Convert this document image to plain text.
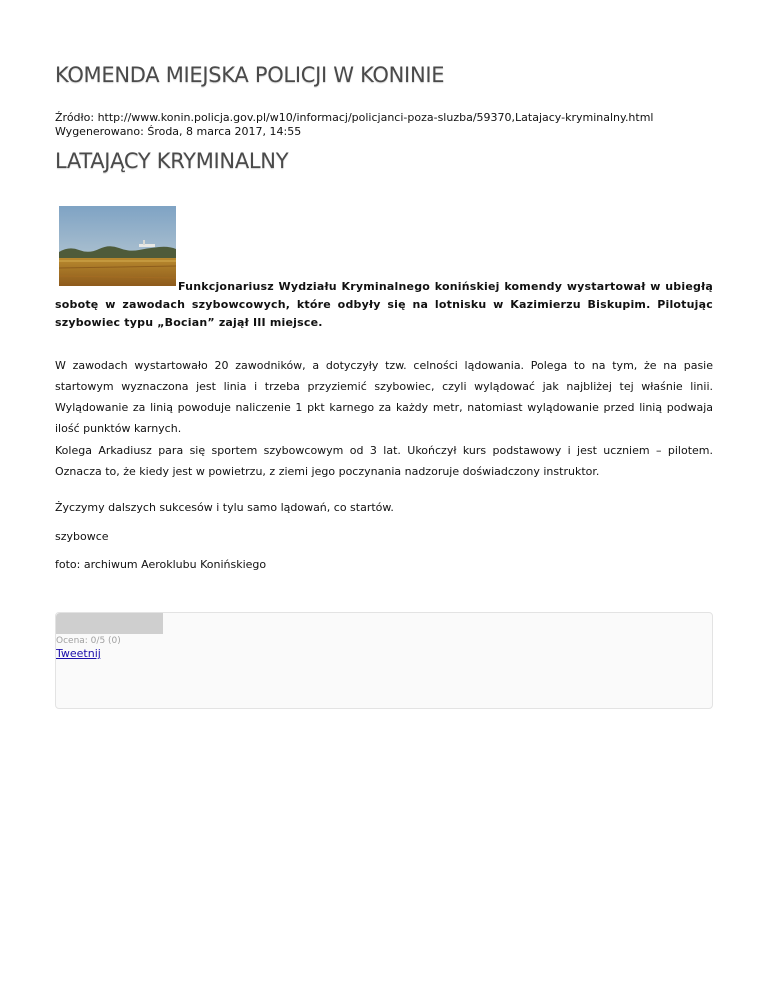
KOMENDA MIEJSKA POLICJI W KONINIE
Źródło: http://www.konin.policja.gov.pl/w10/informacj/policjanci-poza-sluzba/59370,Latajacy-kryminalny.html
Wygenerowano: Środa, 8 marca 2017, 14:55
LATAJĄCY KRYMINALNY
Funkcjonariusz Wydziału Kryminalnego konińskiej komendy wystartował w ubiegłą sobotę w zawodach szybowcowych, które odbyły się na lotnisku w Kazimierzu Biskupim. Pilotując szybowiec typu „Bocian” zajął III miejsce.
W zawodach wystartowało 20 zawodników, a dotyczyły tzw. celności lądowania. Polega to na tym, że na pasie startowym wyznaczona jest linia i trzeba przyziemić szybowiec, czyli wylądować jak najbliżej tej właśnie linii. Wylądowanie za linią powoduje naliczenie 1 pkt karnego za każdy metr, natomiast wylądowanie przed linią podwaja ilość punktów karnych.
Kolega Arkadiusz para się sportem szybowcowym od 3 lat. Ukończył kurs podstawowy i jest uczniem – pilotem. Oznacza to, że kiedy jest w powietrzu, z ziemi jego poczynania nadzoruje doświadczony instruktor.
Życzymy dalszych sukcesów i tylu samo lądowań, co startów.
szybowce
foto: archiwum Aeroklubu Konińskiego
Ocena: 0/5 (0)
Tweetnij
